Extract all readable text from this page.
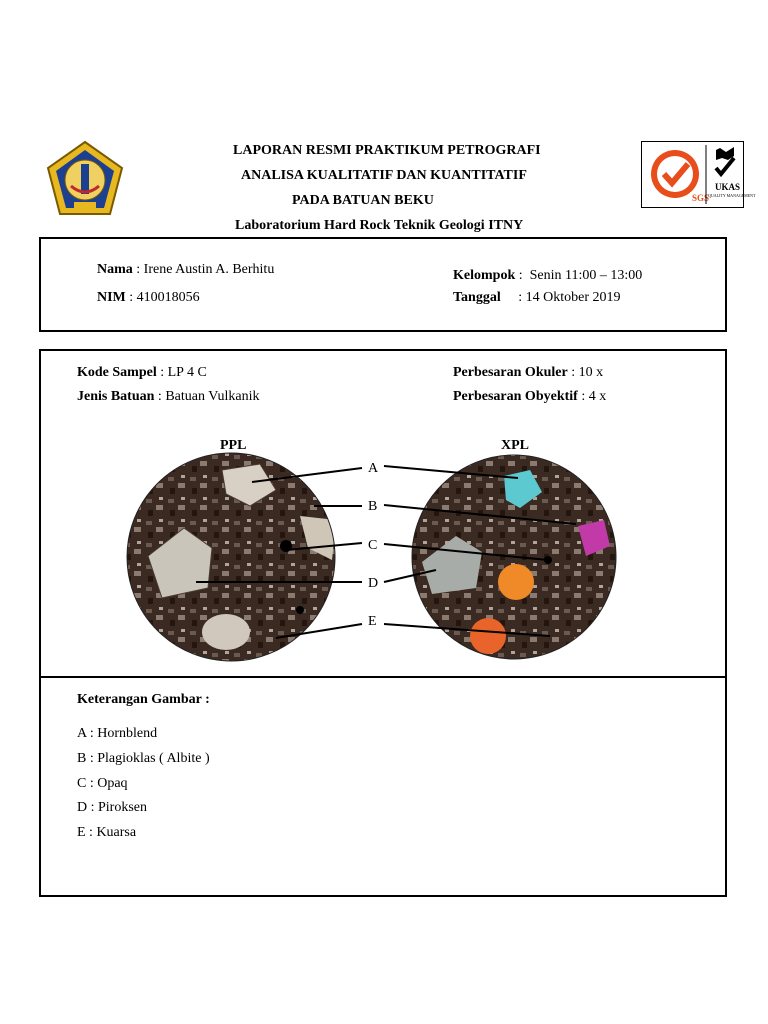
LAPORAN RESMI PRAKTIKUM PETROGRAFI
ANALISA KUALITATIF DAN KUANTITATIF
PADA BATUAN BEKU
Laboratorium Hard Rock Teknik Geologi ITNY
SGS
UKAS
QUALITY MANAGEMENT
Nama : Irene Austin A. Berhitu
NIM : 410018056
Kelompok :  Senin 11:00 – 13:00
Tanggal : 14 Oktober 2019
Kode Sampel : LP 4 C
Jenis Batuan : Batuan Vulkanik
Perbesaran Okuler : 10 x
Perbesaran Obyektif : 4 x
PPL	XPL
A
B
C
D
E
Keterangan Gambar :
A : Hornblend
B : Plagioklas ( Albite )
C : Opaq
D : Piroksen
E : Kuarsa
